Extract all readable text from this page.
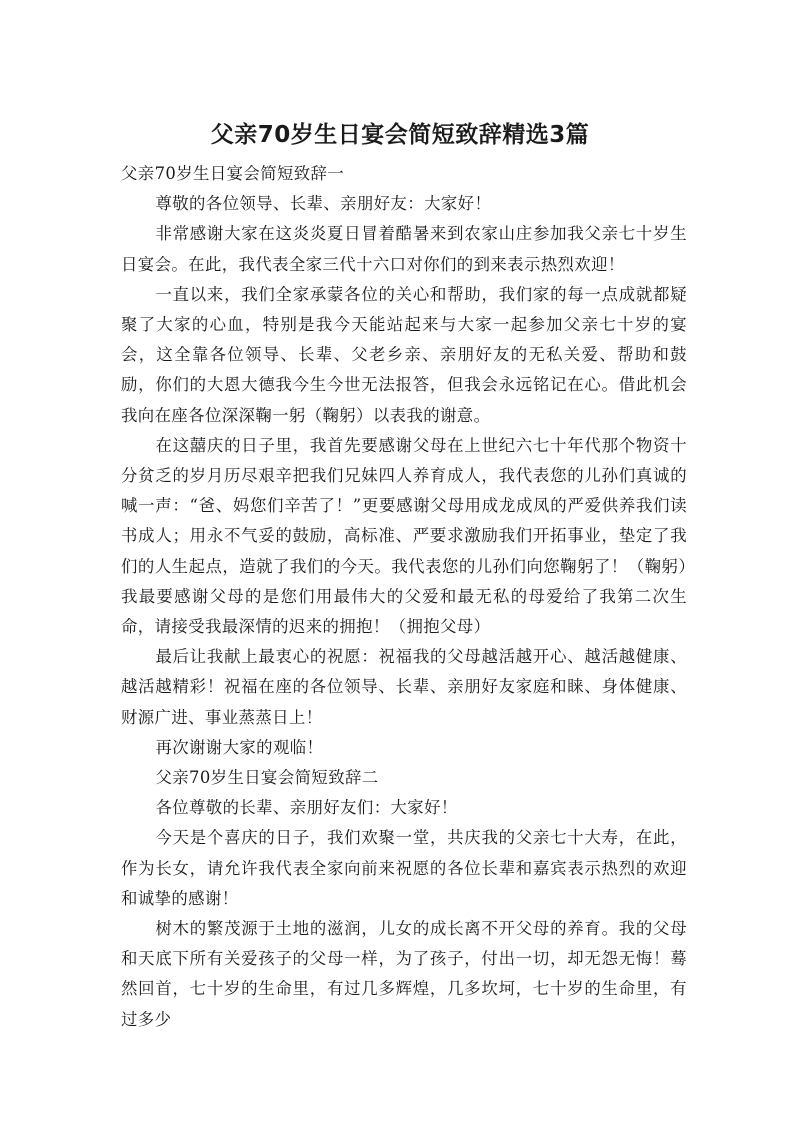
父亲70岁生日宴会简短致辞精选3篇

父亲70岁生日宴会简短致辞一

尊敬的各位领导、长辈、亲朋好友：大家好！

非常感谢大家在这炎炎夏日冒着酷暑来到农家山庄参加我父亲七十岁生日宴会。在此，我代表全家三代十六口对你们的到来表示热烈欢迎！

一直以来，我们全家承蒙各位的关心和帮助，我们家的每一点成就都疑聚了大家的心血，特别是我今天能站起来与大家一起参加父亲七十岁的宴会，这全靠各位领导、长辈、父老乡亲、亲朋好友的无私关爱、帮助和鼓励，你们的大恩大德我今生今世无法报答，但我会永远铭记在心。借此机会我向在座各位深深鞠一躬（鞠躬）以表我的谢意。

在这囍庆的日子里，我首先要感谢父母在上世纪六七十年代那个物资十分贫乏的岁月历尽艰辛把我们兄妹四人养育成人，我代表您的儿孙们真诚的喊一声：“爸、妈您们辛苦了！”更要感谢父母用成龙成凤的严爱供养我们读书成人；用永不气妥的鼓励，高标准、严要求激励我们开拓事业，垫定了我们的人生起点，造就了我们的今天。我代表您的儿孙们向您鞠躬了！（鞠躬）我最要感谢父母的是您们用最伟大的父爱和最无私的母爱给了我第二次生命，请接受我最深情的迟来的拥抱！（拥抱父母）

最后让我献上最衷心的祝愿：祝福我的父母越活越开心、越活越健康、越活越精彩！祝福在座的各位领导、长辈、亲朋好友家庭和睐、身体健康、财源广进、事业蒸蒸日上！

再次谢谢大家的观临！

父亲70岁生日宴会简短致辞二

各位尊敬的长辈、亲朋好友们：大家好！

今天是个喜庆的日子，我们欢聚一堂，共庆我的父亲七十大寿，在此，作为长女，请允许我代表全家向前来祝愿的各位长辈和嘉宾表示热烈的欢迎和诚挚的感谢！

树木的繁茂源于土地的滋润，儿女的成长离不开父母的养育。我的父母和天底下所有关爱孩子的父母一样，为了孩子，付出一切，却无怨无悔！蓦然回首，七十岁的生命里，有过几多辉煌，几多坎坷，七十岁的生命里，有过多少
